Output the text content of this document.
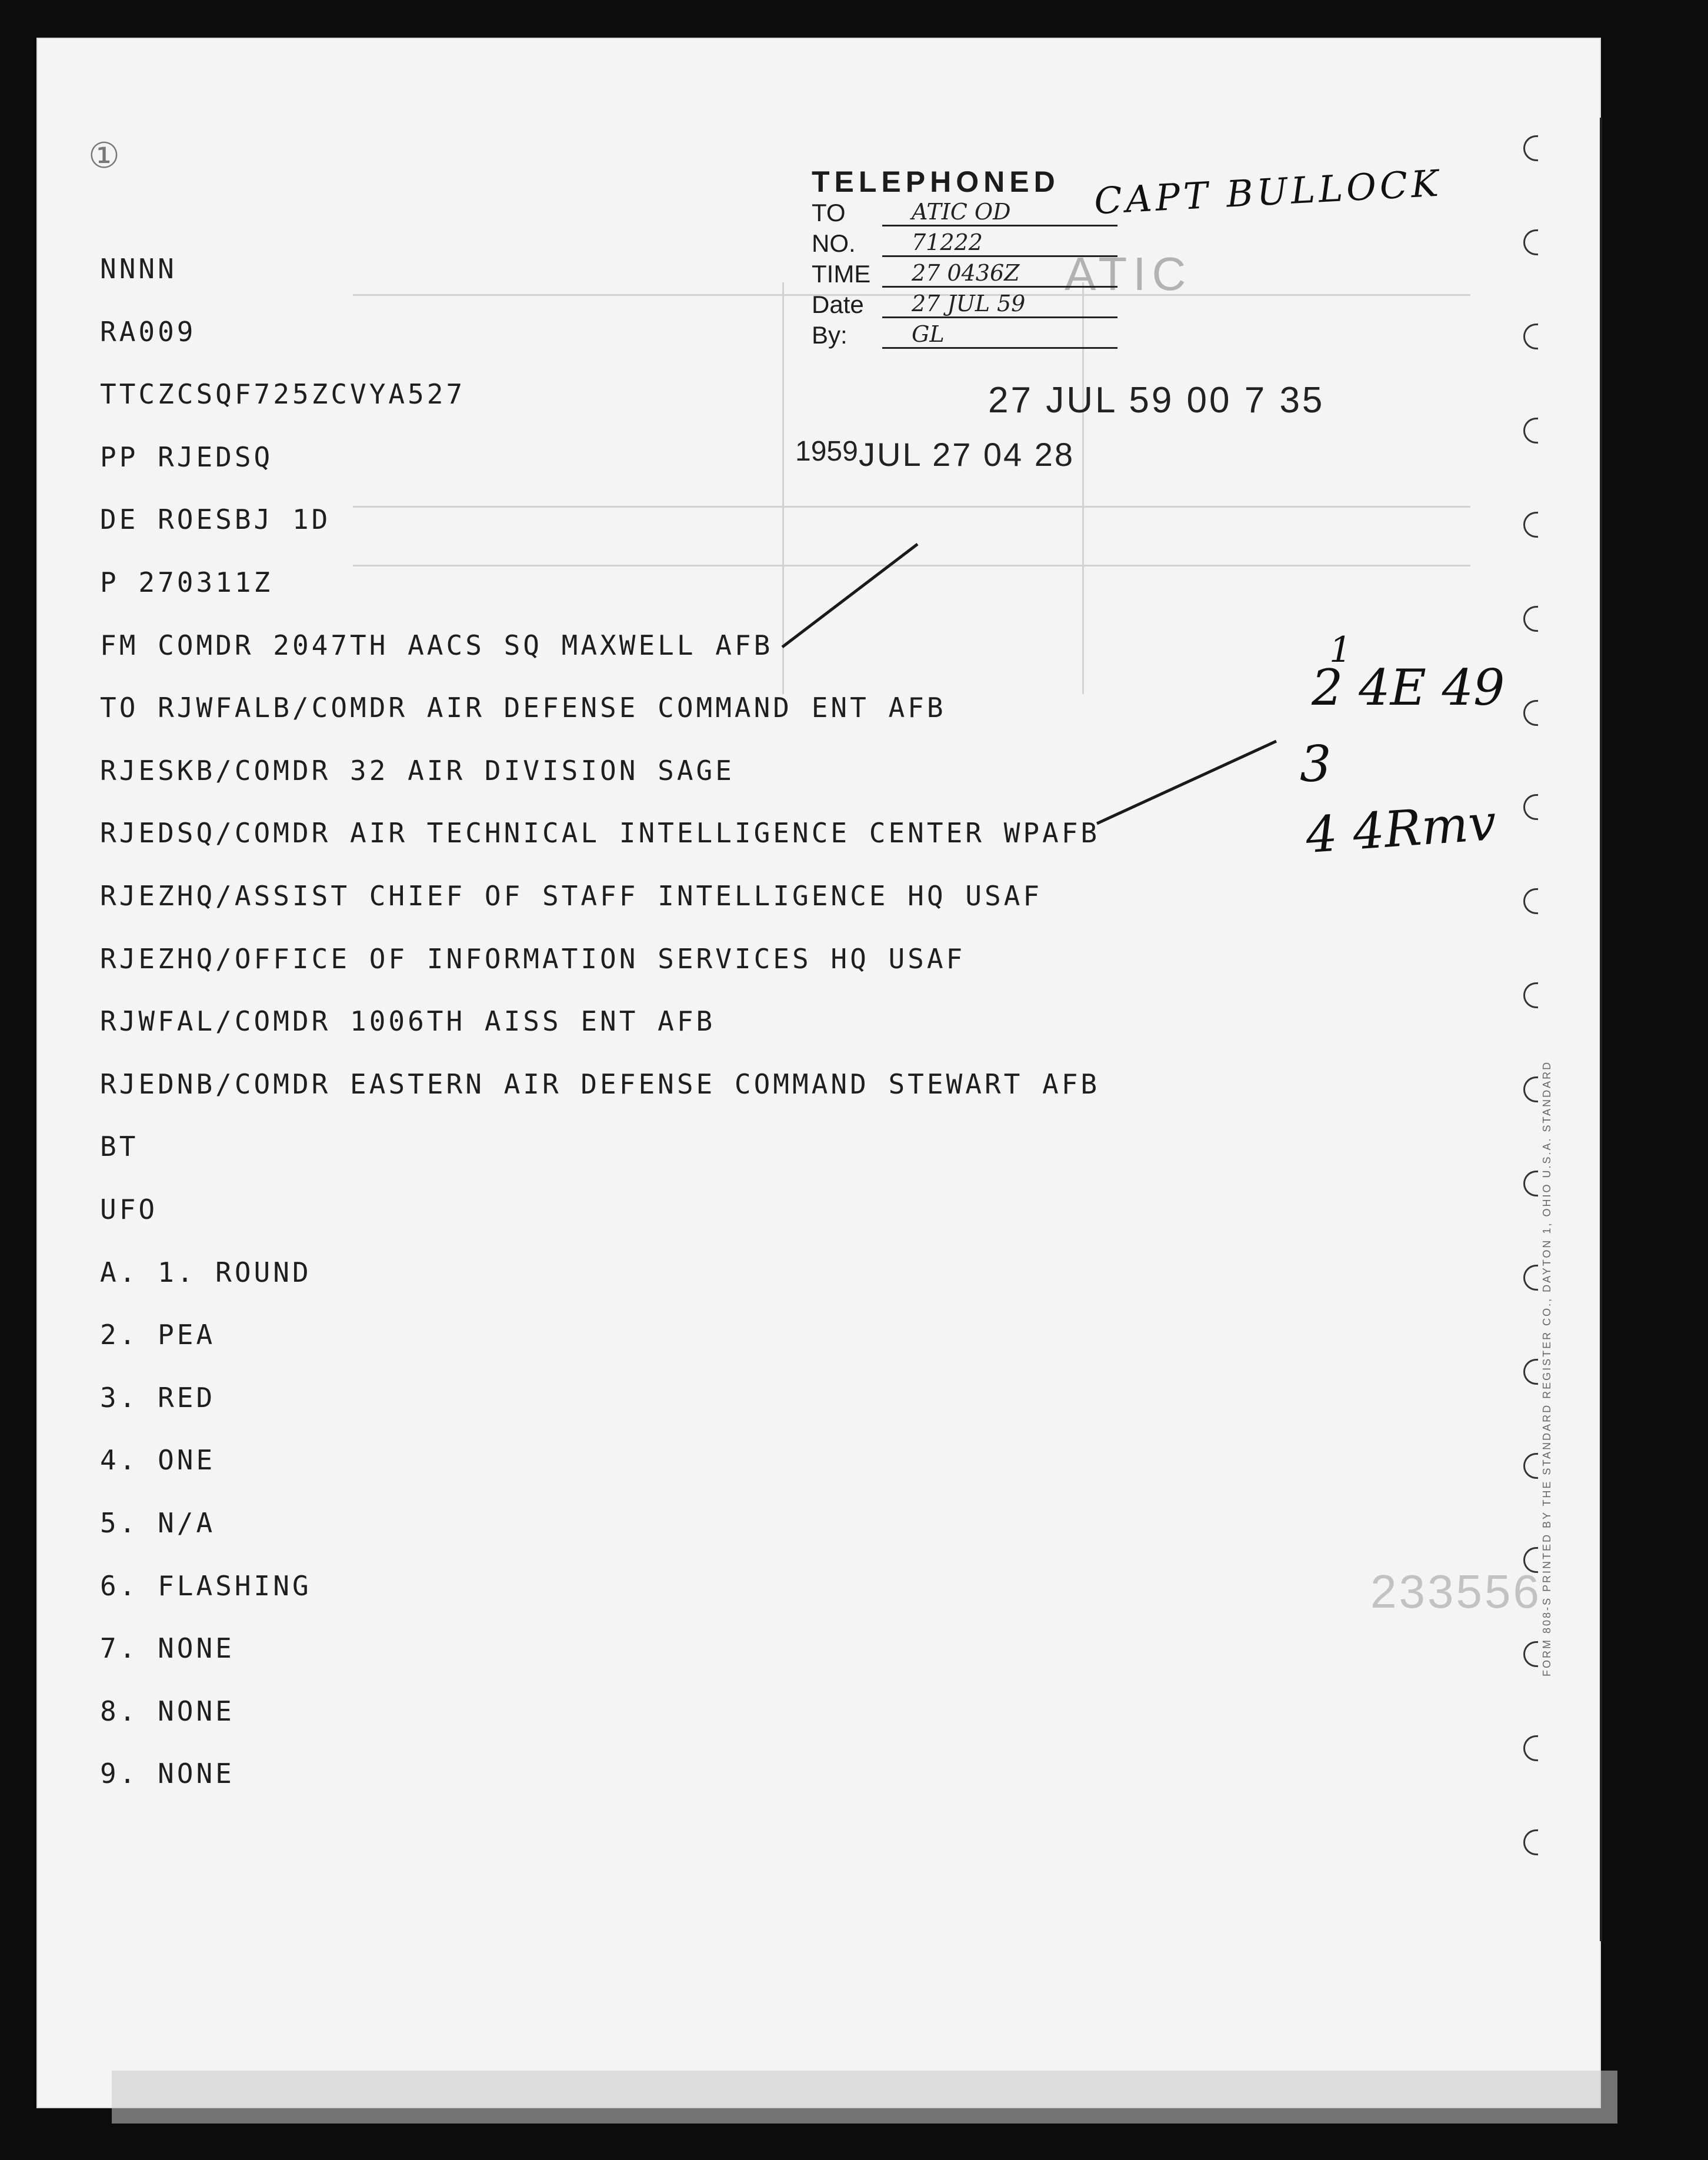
ATIC
233556 FORM 808-S PRINTED BY THE STANDARD REGISTER CO., DAYTON 1, OHIO U.S.A. STANDARD
①
TELEPHONED
TO	ATIC OD
NO.	71222
TIME	27 0436Z
Date	27 JUL 59
By:	GL
CAPT BULLOCK
1
2 4E 49
3
4 4Rmv
27 JUL 59 00 7 35
1959 JUL 27 04 28
NNNN
RA009
TTCZCSQF725ZCVYA527
PP RJEDSQ
DE ROESBJ 1D
P 270311Z
FM COMDR 2047TH AACS SQ MAXWELL AFB
TO RJWFALB/COMDR AIR DEFENSE COMMAND ENT AFB
RJESKB/COMDR 32 AIR DIVISION SAGE
RJEDSQ/COMDR AIR TECHNICAL INTELLIGENCE CENTER WPAFB
RJEZHQ/ASSIST CHIEF OF STAFF INTELLIGENCE HQ USAF
RJEZHQ/OFFICE OF INFORMATION SERVICES HQ USAF
RJWFAL/COMDR 1006TH AISS ENT AFB
RJEDNB/COMDR EASTERN AIR DEFENSE COMMAND STEWART AFB
BT
UFO
A. 1. ROUND
2. PEA
3. RED
4. ONE
5. N/A
6. FLASHING
7. NONE
8. NONE
9. NONE
